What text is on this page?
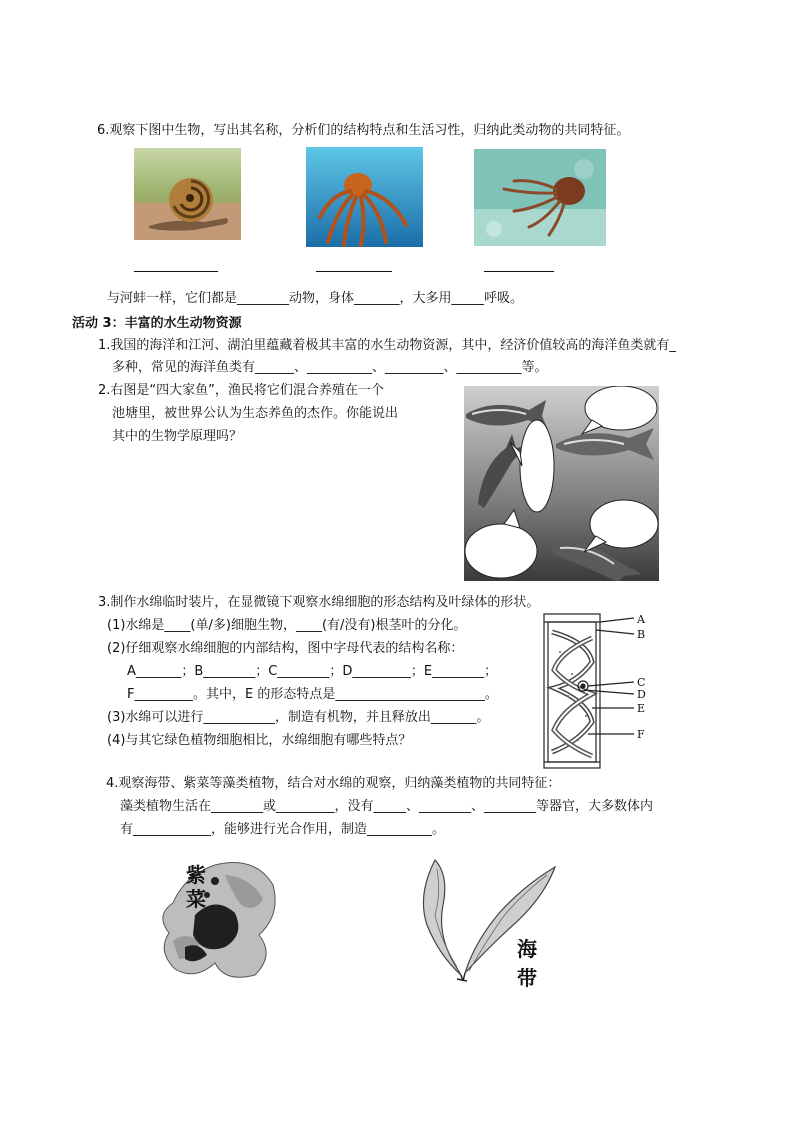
6.观察下图中生物，写出其名称，分析们的结构特点和生活习性，归纳此类动物的共同特征。
与河蚌一样，它们都是________动物，身体_______，大多用_____呼吸。
活动 3：丰富的水生动物资源
1.我国的海洋和江河、湖泊里蕴藏着极其丰富的水生动物资源，其中，经济价值较高的海洋鱼类就有_
多种，常见的海洋鱼类有______、__________、_________、__________等。
2.右图是“四大家鱼”，渔民将它们混合养殖在一个
池塘里，被世界公认为生态养鱼的杰作。你能说出
其中的生物学原理吗？
3.制作水绵临时装片，在显微镜下观察水绵细胞的形态结构及叶绿体的形状。
(1)水绵是____(单/多)细胞生物，____(有/没有)根茎叶的分化。
(2)仔细观察水绵细胞的内部结构，图中字母代表的结构名称：
A_______；B________；C________；D_________；E________；
F_________。其中，E 的形态特点是_______________________。
(3)水绵可以进行___________，制造有机物，并且释放出_______。
(4)与其它绿色植物细胞相比，水绵细胞有哪些特点？
A
B
C
D
E
F
4.观察海带、紫菜等藻类植物，结合对水绵的观察，归纳藻类植物的共同特征：
藻类植物生活在________或_________，没有_____、________、________等器官，大多数体内
有____________，能够进行光合作用，制造__________。
紫
菜
海
带
